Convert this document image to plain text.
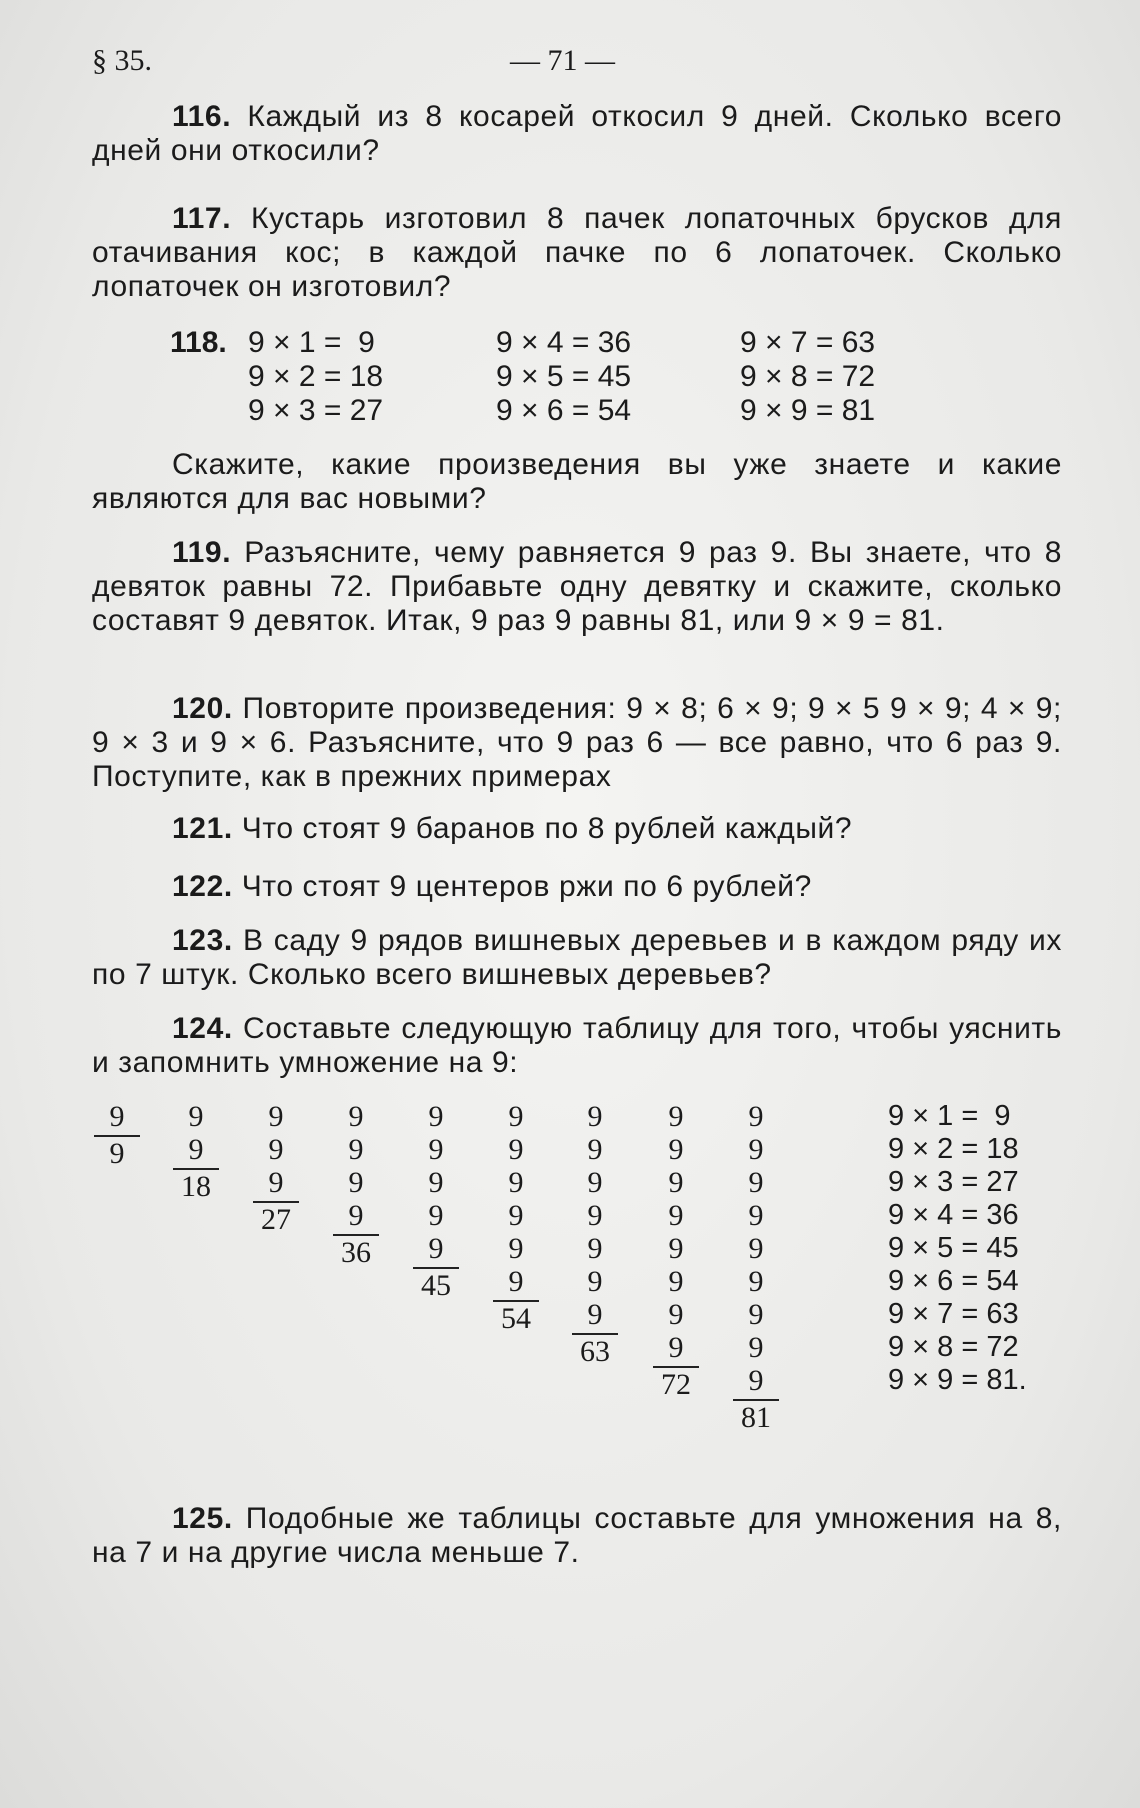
§ 35.	— 71 —

116. Каждый из 8 косарей откосил 9 дней. Сколько всего дней они откосили?

117. Кустарь изготовил 8 пачек лопаточных брусков для отачивания кос; в каждой пачке по 6 лопаточек. Сколько лопаточек он изготовил?

118. 9 × 1 =  9
9 × 2 = 18
9 × 3 = 27
9 × 4 = 36
9 × 5 = 45
9 × 6 = 54
9 × 7 = 63
9 × 8 = 72
9 × 9 = 81

Скажите, какие произведения вы уже знаете и какие являются для вас новыми?

119. Разъясните, чему равняется 9 раз 9. Вы знаете, что 8 девяток равны 72. Прибавьте одну девятку и скажите, сколько составят 9 девяток. Итак, 9 раз 9 равны 81, или 9 × 9 = 81.

120. Повторите произведения: 9 × 8; 6 × 9; 9 × 5 9 × 9; 4 × 9; 9 × 3 и 9 × 6. Разъясните, что 9 раз 6 — все равно, что 6 раз 9. Поступите, как в прежних примерах

121. Что стоят 9 баранов по 8 рублей каждый?

122. Что стоят 9 центеров ржи по 6 рублей?

123. В саду 9 рядов вишневых деревьев и в каждом ряду их по 7 штук. Сколько всего вишневых деревьев?

124. Составьте следующую таблицу для того, чтобы уяснить и запомнить умножение на 9:

9 × 1 =  9
9 × 2 = 18
9 × 3 = 27
9 × 4 = 36
9 × 5 = 45
9 × 6 = 54
9 × 7 = 63
9 × 8 = 72
9 × 9 = 81.
9
9
9
9
18
9
9
9
27
9
9
9
9
36
9
9
9
9
9
45
9
9
9
9
9
9
54
9
9
9
9
9
9
9
63
9
9
9
9
9
9
9
9
72
9
9
9
9
9
9
9
9
9
81

125. Подобные же таблицы составьте для умножения на 8, на 7 и на другие числа меньше 7.
